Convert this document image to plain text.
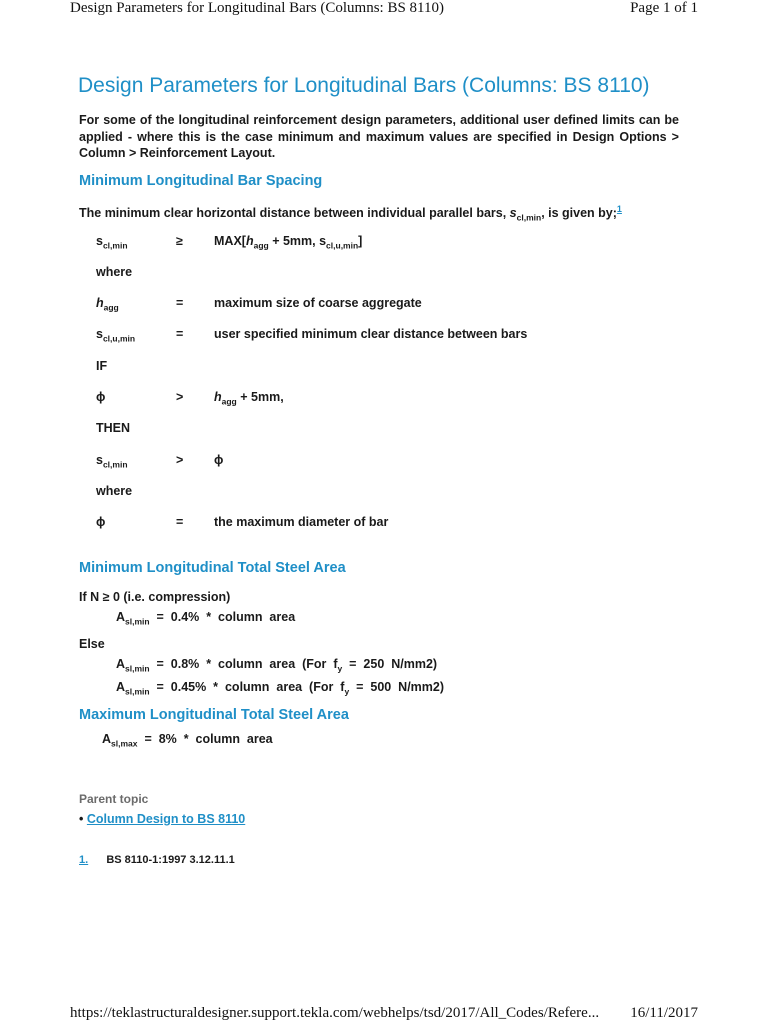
Design Parameters for Longitudinal Bars (Columns: BS 8110)	Page 1 of 1
Design Parameters for Longitudinal Bars (Columns: BS 8110)

For some of the longitudinal reinforcement design parameters, additional user defined limits can be applied - where this is the case minimum and maximum values are specified in Design Options > Column > Reinforcement Layout.

Minimum Longitudinal Bar Spacing

The minimum clear horizontal distance between individual parallel bars, $s_{cl,min}$, is given by;$^1$

$s_{cl,min}$	≥ $MAX[h_{agg} + 5mm$, $s_{cl,u,min}$]
where
$h_{agg}$	= maximum size of coarse aggregate
$s_{cl,u,min}$	= user specified minimum clear distance between bars
IF
ϕ	> $h_{agg} + 5mm$,
THEN
$s_{cl,min}$	> ϕ
where
ϕ	= the maximum diameter of bar
Minimum Longitudinal Total Steel Area
If N ≥ 0 (i.e. compression)
$A_{sl,min} = 0.4\%$  *  column  area
Else
$A_{sl,min} = 0.8\%$  *  column  area  (For  $f_y = 250$  N/mm2)
$A_{sl,min} = 0.45\%$  *  column  area  (For  $f_y = 500$  N/mm2)
Maximum Longitudinal Total Steel Area
$A_{sl,max} = 8\%$  *  column  area
Parent topic
• Column Design to BS 8110
1. BS 8110-1:1997 3.12.11.1
https://teklastructuraldesigner.support.tekla.com/webhelps/tsd/2017/All_Codes/Refere... 16/11/2017
